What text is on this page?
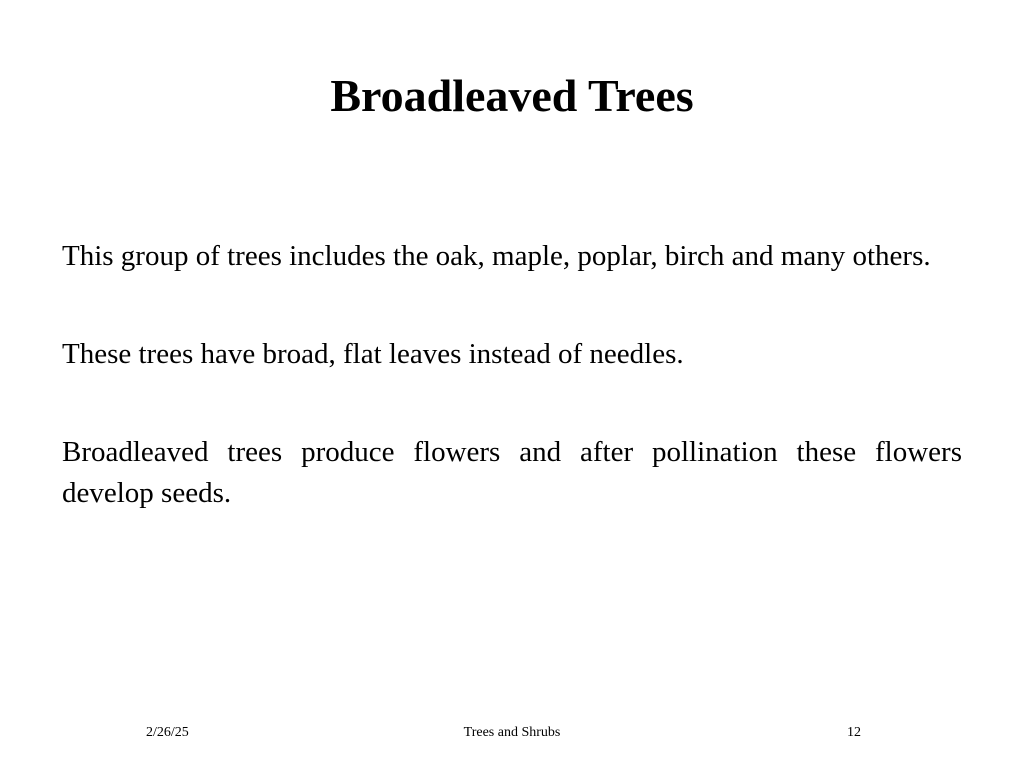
Broadleaved Trees

This group of trees includes the oak, maple, poplar, birch and many others.

These trees have broad, flat leaves instead of needles.

Broadleaved trees produce flowers and after pollination these flowers develop seeds.

2/26/25	Trees and Shrubs	12
